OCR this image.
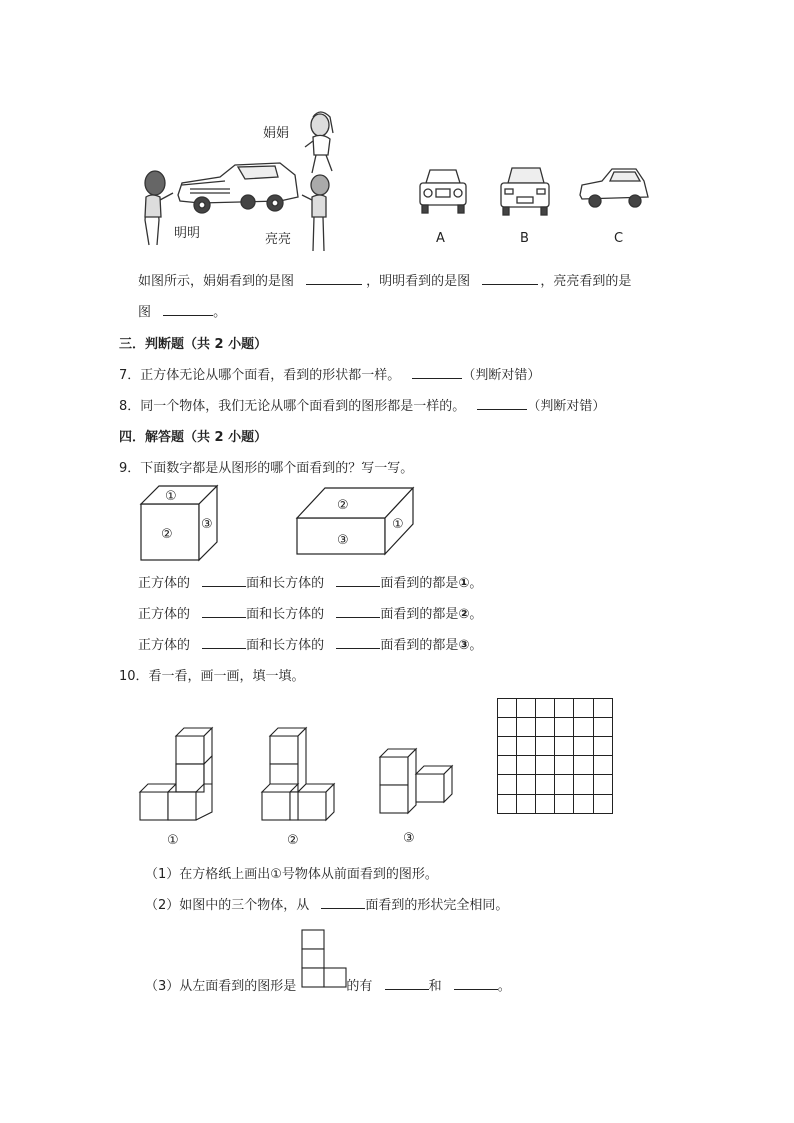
明明
娟娟
亮亮	A	B	C
如图所示，娟娟看到的是图	，明明看到的是图	，亮亮看到的是
图	。
三．判断题（共 2 小题）
7．正方体无论从哪个面看，看到的形状都一样。	（判断对错）
8．同一个物体，我们无论从哪个面看到的图形都是一样的。	（判断对错）
四．解答题（共 2 小题）
9．下面数字都是从图形的哪个面看到的？写一写。
①
②
③
②
③
①
正方体的	面和长方体的	面看到的都是①。
正方体的	面和长方体的	面看到的都是②。
正方体的	面和长方体的	面看到的都是③。
10．看一看，画一画，填一填。
①	②	③
（1）在方格纸上画出①号物体从前面看到的图形。
（2）如图中的三个物体，从	面看到的形状完全相同。
（3）从左面看到的图形是	的有	和	。
